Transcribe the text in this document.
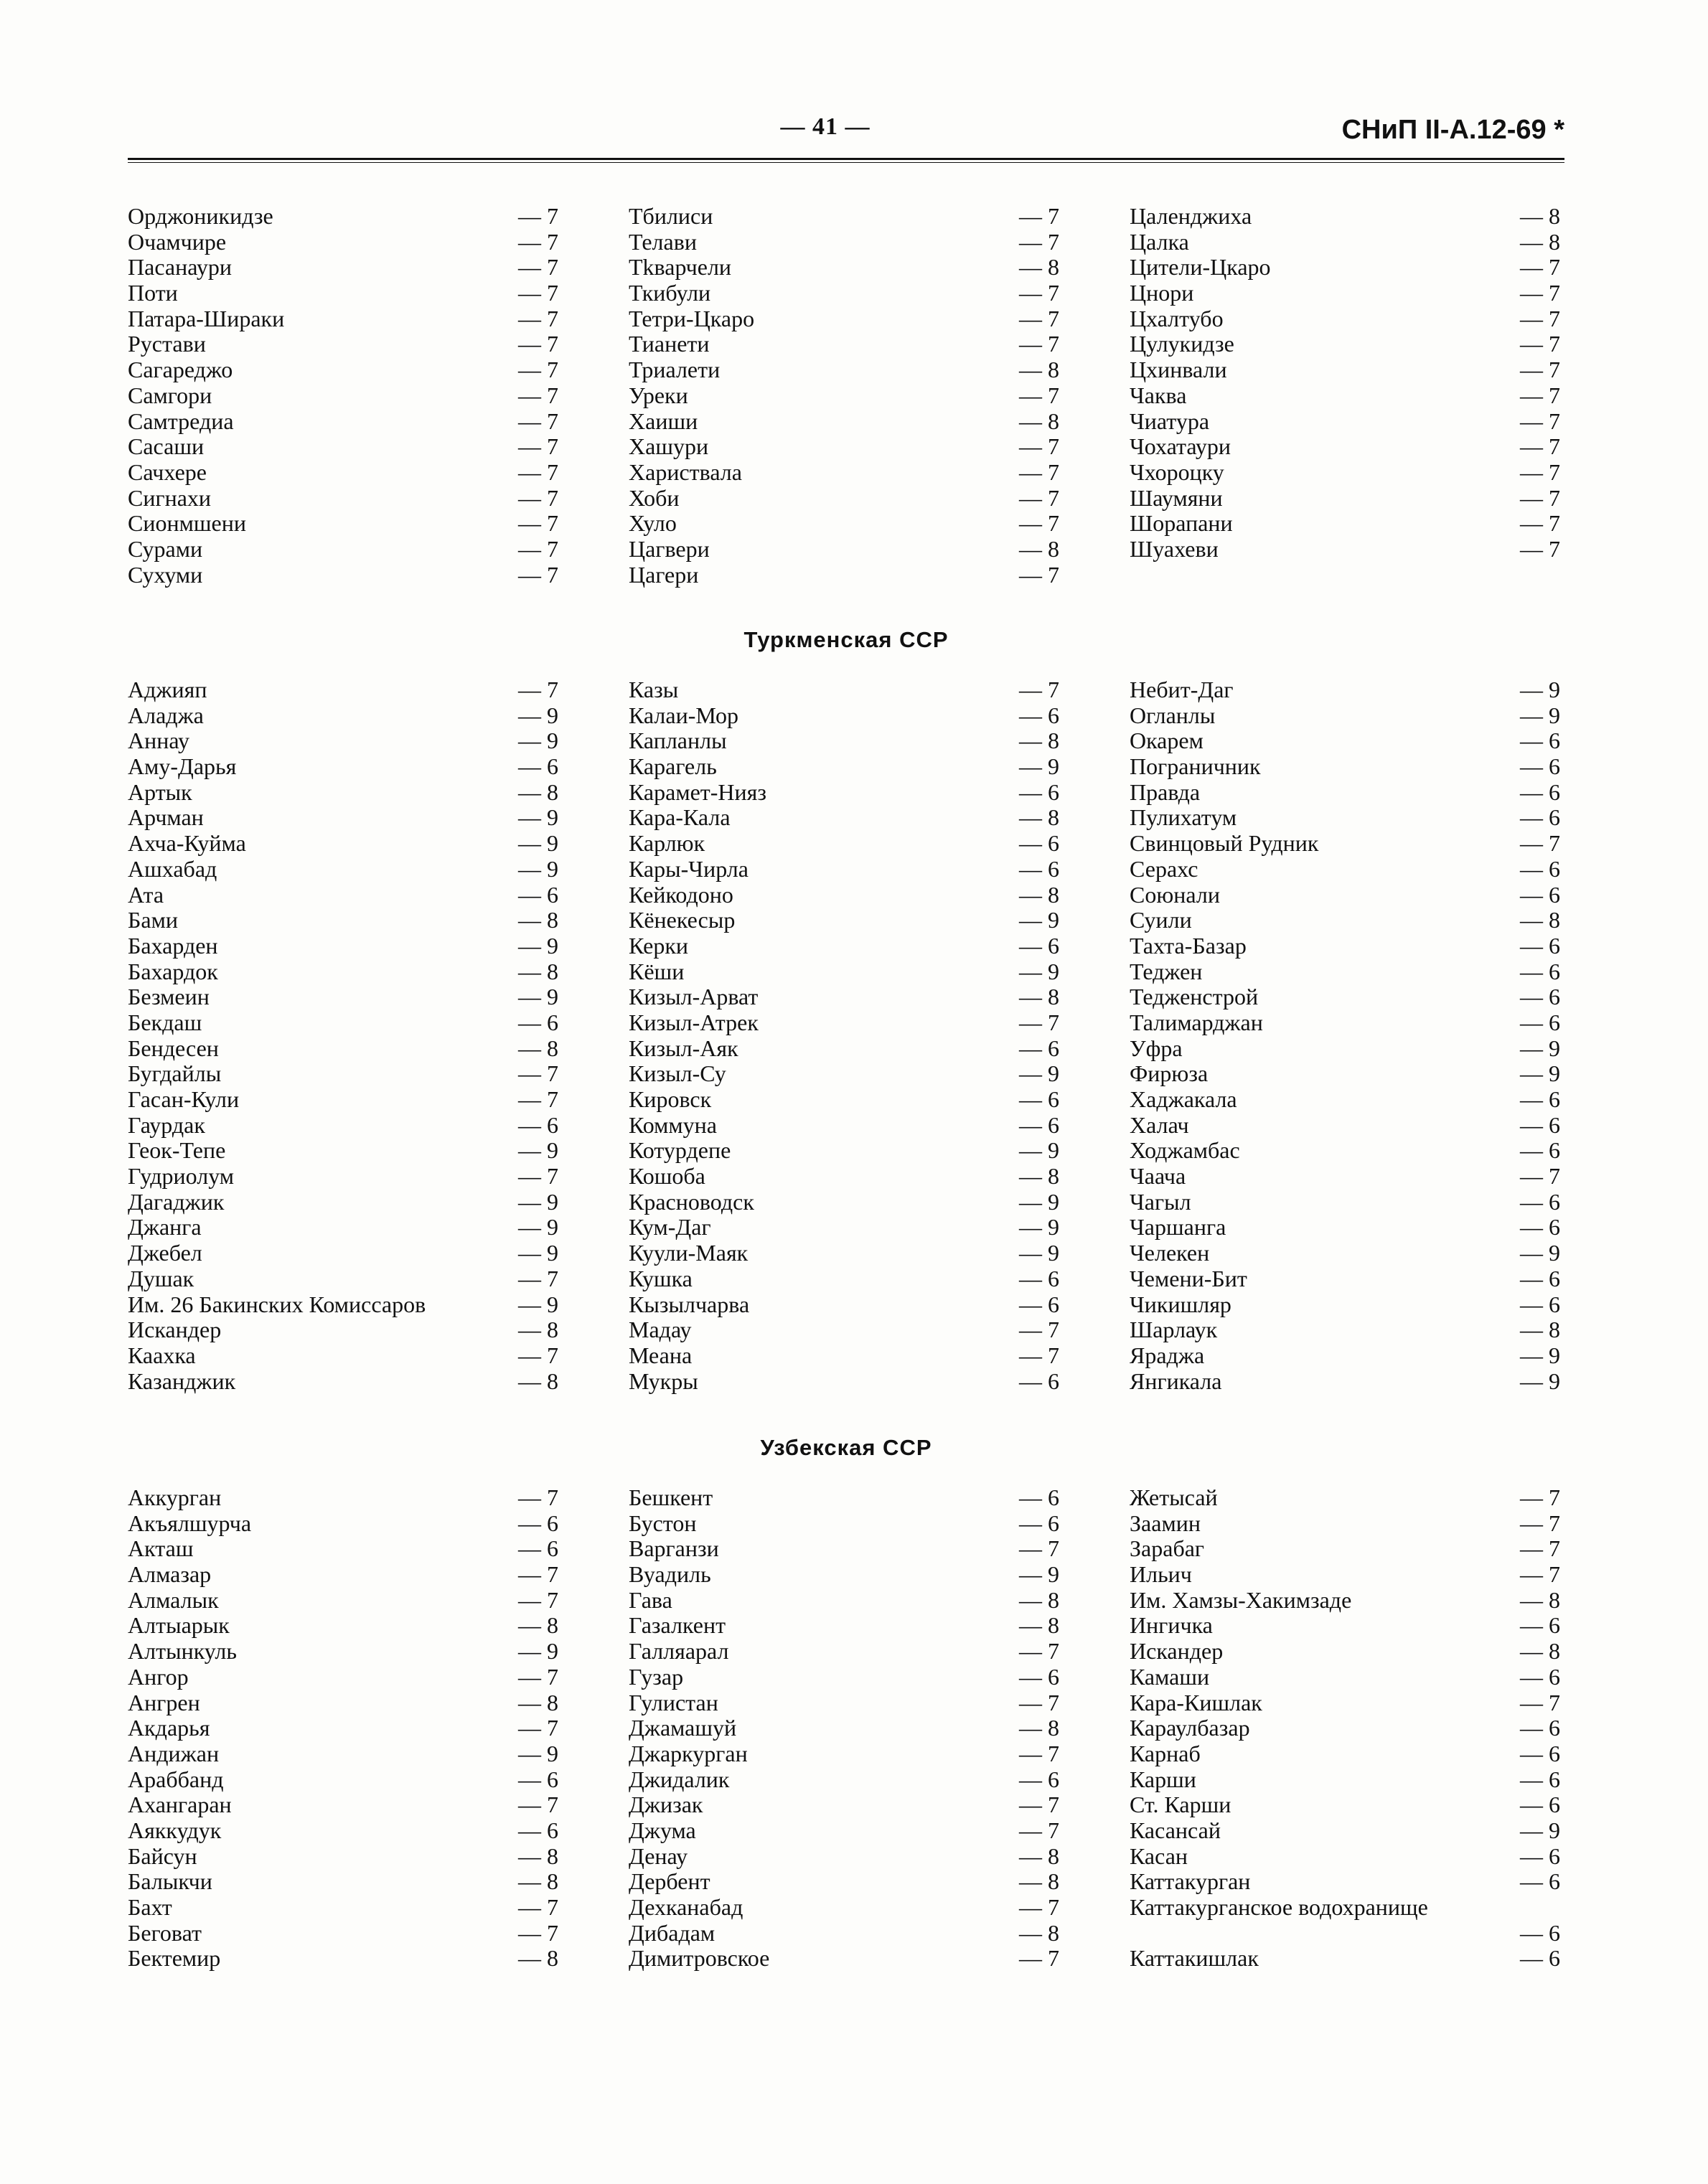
— 41 —	СНиП II-А.12-69 *
Орджоникидзе	— 7
Очамчире	— 7
Пасанаури	— 7
Поти	— 7
Патара-Шираки	— 7
Рустави	— 7
Сагареджо	— 7
Самгори	— 7
Самтредиа	— 7
Сасаши	— 7
Сачхере	— 7
Сигнахи	— 7
Сионмшени	— 7
Сурами	— 7
Сухуми	— 7
Тбилиси	— 7
Телави	— 7
Тkварчели	— 8
Ткибули	— 7
Тетри-Цкаро	— 7
Тианети	— 7
Триалети	— 8
Уреки	— 7
Хаиши	— 8
Хашури	— 7
Хариствала	— 7
Хоби	— 7
Хуло	— 7
Цагвери	— 8
Цагери	— 7
Цаленджиха	— 8
Цалка	— 8
Цители-Цкаро	— 7
Цнори	— 7
Цхалтубо	— 7
Цулукидзе	— 7
Цхинвали	— 7
Чаква	— 7
Чиатура	— 7
Чохатаури	— 7
Чхороцку	— 7
Шаумяни	— 7
Шорапани	— 7
Шуахеви	— 7
Туркменская ССР
Аджияп	— 7
Аладжа	— 9
Аннау	— 9
Аму-Дарья	— 6
Артык	— 8
Арчман	— 9
Ахча-Куйма	— 9
Ашхабад	— 9
Ата	— 6
Бами	— 8
Бахарден	— 9
Бахардок	— 8
Безмеин	— 9
Бекдаш	— 6
Бендесен	— 8
Бугдайлы	— 7
Гасан-Кули	— 7
Гаурдак	— 6
Геок-Тепе	— 9
Гудриолум	— 7
Дагаджик	— 9
Джанга	— 9
Джебел	— 9
Душак	— 7
Им. 26 Бакинских Комиссаров	— 9
Искандер	— 8
Каахка	— 7
Казанджик	— 8
Казы	— 7
Калаи-Мор	— 6
Капланлы	— 8
Карагель	— 9
Карамет-Нияз	— 6
Кара-Кала	— 8
Карлюк	— 6
Кары-Чирла	— 6
Кейкодоно	— 8
Кёнекесыр	— 9
Керки	— 6
Кёши	— 9
Кизыл-Арват	— 8
Кизыл-Атрек	— 7
Кизыл-Аяк	— 6
Кизыл-Су	— 9
Кировск	— 6
Коммуна	— 6
Котурдепе	— 9
Кошоба	— 8
Красноводск	— 9
Кум-Даг	— 9
Куули-Маяк	— 9
Кушка	— 6
Кызылчарва	— 6
Мадау	— 7
Меана	— 7
Мукры	— 6
Небит-Даг	— 9
Огланлы	— 9
Окарем	— 6
Пограничник	— 6
Правда	— 6
Пулихатум	— 6
Свинцовый Рудник	— 7
Серахс	— 6
Союнали	— 6
Суили	— 8
Тахта-Базар	— 6
Теджен	— 6
Тедженстрой	— 6
Талимарджан	— 6
Уфра	— 9
Фирюза	— 9
Хаджакала	— 6
Халач	— 6
Ходжамбас	— 6
Чаача	— 7
Чагыл	— 6
Чаршанга	— 6
Челекен	— 9
Чемени-Бит	— 6
Чикишляр	— 6
Шарлаук	— 8
Яраджа	— 9
Янгикала	— 9
Узбекская ССР
Аккурган	— 7
Акъялшурча	— 6
Акташ	— 6
Алмазар	— 7
Алмалык	— 7
Алтыарык	— 8
Алтынкуль	— 9
Ангор	— 7
Ангрен	— 8
Акдарья	— 7
Андижан	— 9
Араббанд	— 6
Ахангаран	— 7
Аяккудук	— 6
Байсун	— 8
Балыкчи	— 8
Бахт	— 7
Беговат	— 7
Бектемир	— 8
Бешкент	— 6
Бустон	— 6
Варганзи	— 7
Вуадиль	— 9
Гава	— 8
Газалкент	— 8
Галляарал	— 7
Гузар	— 6
Гулистан	— 7
Джамашуй	— 8
Джаркурган	— 7
Джидалик	— 6
Джизак	— 7
Джума	— 7
Денау	— 8
Дербент	— 8
Дехканабад	— 7
Дибадам	— 8
Димитровское	— 7
Жетысай	— 7
Заамин	— 7
Зарабаг	— 7
Ильич	— 7
Им. Хамзы-Хакимзаде	— 8
Ингичка	— 6
Искандер	— 8
Камаши	— 6
Кара-Кишлак	— 7
Караулбазар	— 6
Карнаб	— 6
Карши	— 6
Ст. Карши	— 6
Касансай	— 9
Касан	— 6
Каттакурган	— 6
Каттакурганское водохранище
— 6
Каттакишлак	— 6
